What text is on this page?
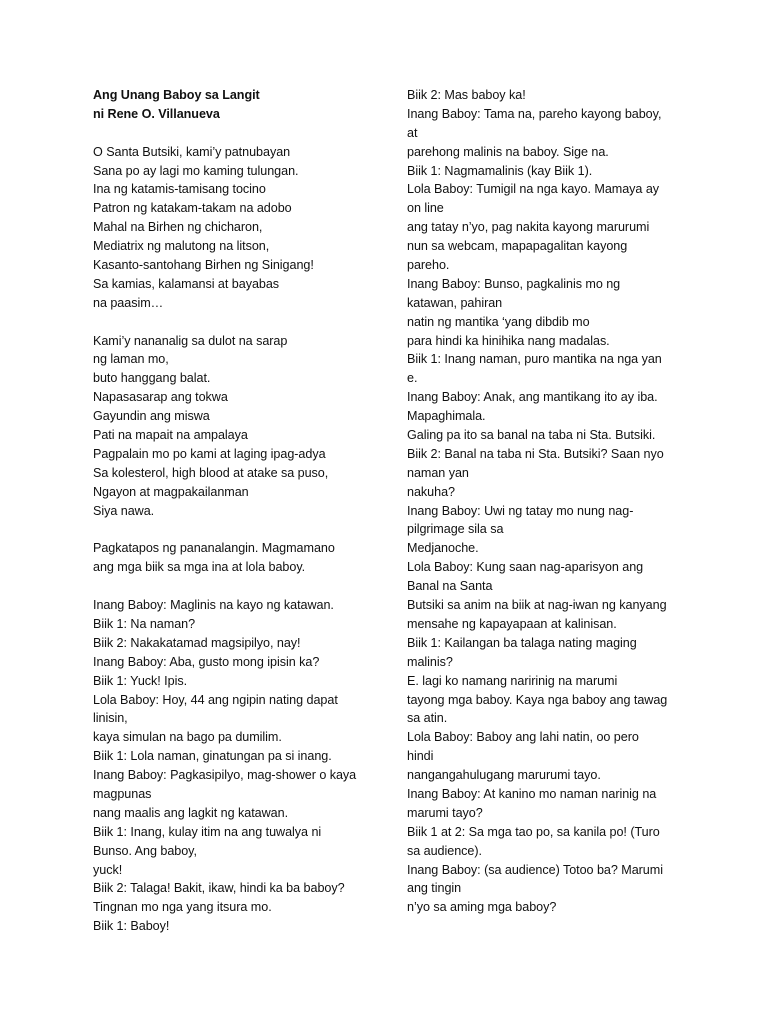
Ang Unang Baboy sa Langit
ni Rene O. Villanueva
O Santa Butsiki, kami’y patnubayan
Sana po ay lagi mo kaming tulungan.
Ina ng katamis-tamisang tocino
Patron ng katakam-takam na adobo
Mahal na Birhen ng chicharon,
Mediatrix ng malutong na litson,
Kasanto-santohang Birhen ng Sinigang!
Sa kamias, kalamansi at bayabas
na paasim…
Kami’y nananalig sa dulot na sarap
ng laman mo,
buto hanggang balat.
Napasasarap ang tokwa
Gayundin ang miswa
Pati na mapait na ampalaya
Pagpalain mo po kami at laging ipag-adya
Sa kolesterol, high blood at atake sa puso,
Ngayon at magpakailanman
Siya nawa.
Pagkatapos ng pananalangin. Magmamano
ang mga biik sa mga ina at lola baboy.
Inang Baboy: Maglinis na kayo ng katawan.
Biik 1: Na naman?
Biik 2: Nakakatamad magsipilyo, nay!
Inang Baboy: Aba, gusto mong ipisin ka?
Biik 1: Yuck! Ipis.
Lola Baboy: Hoy, 44 ang ngipin nating dapat
linisin,
kaya simulan na bago pa dumilim.
Biik 1: Lola naman, ginatungan pa si inang.
Inang Baboy: Pagkasipilyo, mag-shower o kaya
magpunas
nang maalis ang lagkit ng katawan.
Biik 1: Inang, kulay itim na ang tuwalya ni
Bunso. Ang baboy,
yuck!
Biik 2: Talaga! Bakit, ikaw, hindi ka ba baboy?
Tingnan mo nga yang itsura mo.
Biik 1: Baboy!
Biik 2: Mas baboy ka!
Inang Baboy: Tama na, pareho kayong baboy,
at
parehong malinis na baboy. Sige na.
Biik 1: Nagmamalinis (kay Biik 1).
Lola Baboy: Tumigil na nga kayo. Mamaya ay
on line
ang tatay n’yo, pag nakita kayong marurumi
nun sa webcam, mapapagalitan kayong
pareho.
Inang Baboy: Bunso, pagkalinis mo ng
katawan, pahiran
natin ng mantika ‘yang dibdib mo
para hindi ka hinihika nang madalas.
Biik 1: Inang naman, puro mantika na nga yan
e.
Inang Baboy: Anak, ang mantikang ito ay iba.
Mapaghimala.
Galing pa ito sa banal na taba ni Sta. Butsiki.
Biik 2: Banal na taba ni Sta. Butsiki? Saan nyo
naman yan
nakuha?
Inang Baboy: Uwi ng tatay mo nung nag-
pilgrimage sila sa
Medjanoche.
Lola Baboy: Kung saan nag-aparisyon ang
Banal na Santa
Butsiki sa anim na biik at nag-iwan ng kanyang
mensahe ng kapayapaan at kalinisan.
Biik 1: Kailangan ba talaga nating maging
malinis?
E. lagi ko namang naririnig na marumi
tayong mga baboy. Kaya nga baboy ang tawag
sa atin.
Lola Baboy: Baboy ang lahi natin, oo pero
hindi
nangangahulugang marurumi tayo.
Inang Baboy: At kanino mo naman narinig na
marumi tayo?
Biik 1 at 2: Sa mga tao po, sa kanila po! (Turo
sa audience).
Inang Baboy: (sa audience) Totoo ba? Marumi
ang tingin
n’yo sa aming mga baboy?
